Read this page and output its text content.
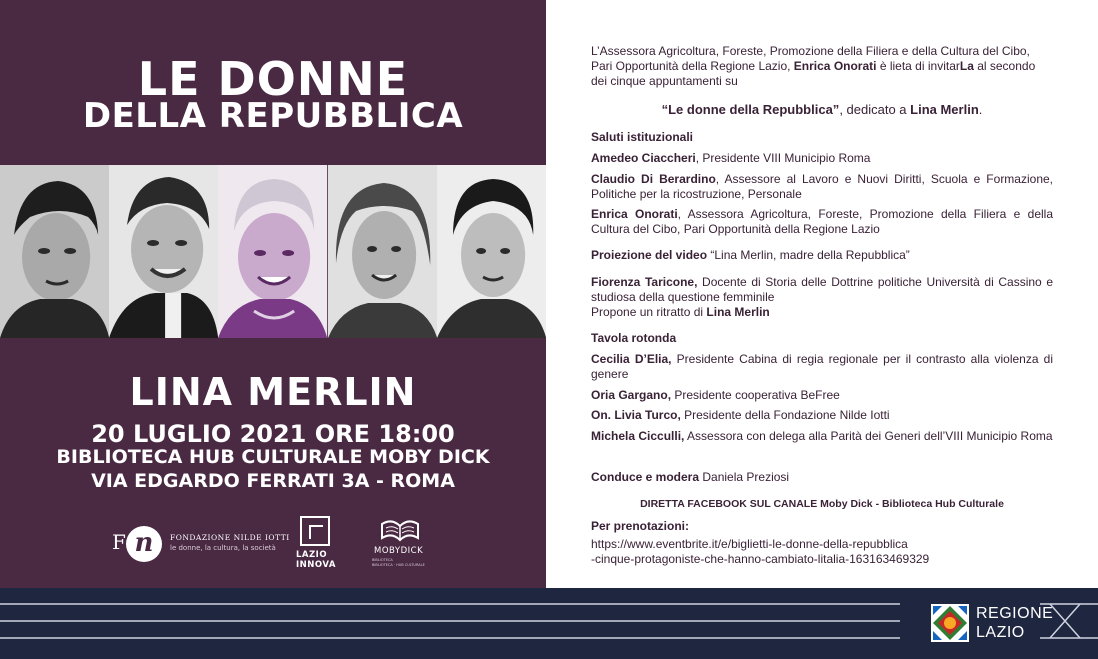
LE DONNE
DELLA REPUBBLICA
LINA MERLIN
20 LUGLIO 2021 ORE 18:00
BIBLIOTECA HUB CULTURALE MOBY DICK
VIA EDGARDO FERRATI 3A - ROMA
F n	FONDAZIONE NILDE IOTTI
le donne, la cultura, la società
LAZIO
INNOVA
MOBYDICK
BIBLIOTECA
BIBLIOTECA · HUB CULTURALE
L’Assessora Agricoltura, Foreste, Promozione della Filiera e della Cultura del Cibo, Pari Opportunità della Regione Lazio, Enrica Onorati è lieta di invitarLa al secondo dei cinque appuntamenti su
“Le donne della Repubblica”, dedicato a Lina Merlin.
Saluti istituzionali
Amedeo Ciaccheri, Presidente VIII Municipio Roma
Claudio Di Berardino, Assessore al Lavoro e Nuovi Diritti, Scuola e Formazione, Politiche per la ricostruzione, Personale
Enrica Onorati, Assessora Agricoltura, Foreste, Promozione della Filiera e della Cultura del Cibo, Pari Opportunità della Regione Lazio
Proiezione del video “Lina Merlin, madre della Repubblica”
Fiorenza Taricone, Docente di Storia delle Dottrine politiche Università di Cassino e studiosa della questione femminile
Propone un ritratto di Lina Merlin
Tavola rotonda
Cecilia D’Elia, Presidente Cabina di regia regionale per il contrasto alla violenza di genere
Oria Gargano, Presidente cooperativa BeFree
On. Livia Turco, Presidente della Fondazione Nilde Iotti
Michela Cicculli, Assessora con delega alla Parità dei Generi dell’VIII Municipio Roma
Conduce e modera Daniela Preziosi
DIRETTA FACEBOOK SUL CANALE Moby Dick - Biblioteca Hub Culturale
Per prenotazioni:
https://www.eventbrite.it/e/biglietti-le-donne-della-repubblica
-cinque-protagoniste-che-hanno-cambiato-litalia-163163469329
REGIONE
LAZIO
